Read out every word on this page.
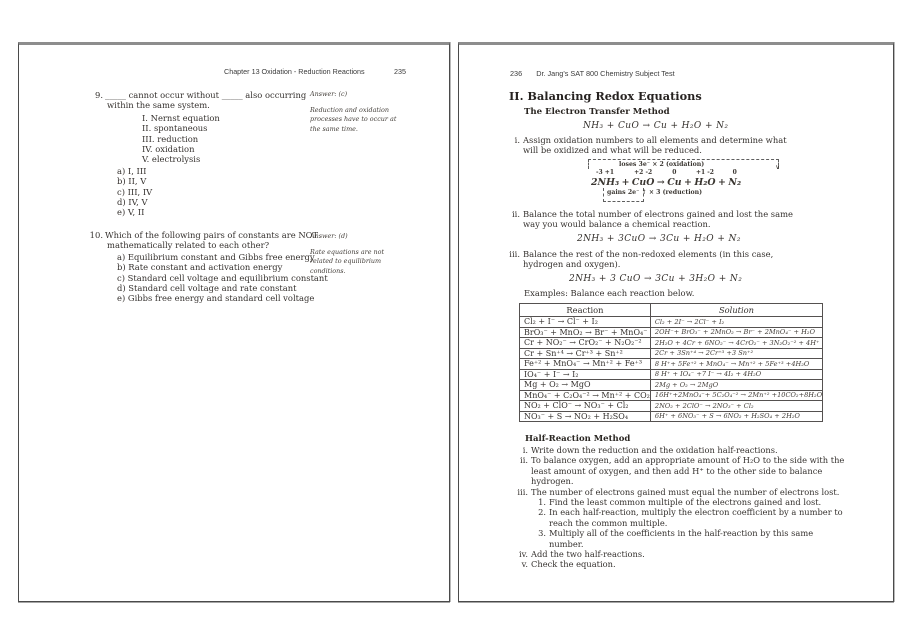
Chapter 13 Oxidation - Reduction Reactions	235
9. _____ cannot occur without _____ also occurring
within the same system.
I. Nernst equation
II. spontaneous
III. reduction
IV. oxidation
V. electrolysis
a) I, III
b) II, V
c) III, IV
d) IV, V
e) V, II
Answer: (c)
Reduction and oxidation processes have to occur at the same time.
10. Which of the following pairs of constants are NOT
mathematically related to each other?
a) Equilibrium constant and Gibbs free energy
b) Rate constant and activation energy
c) Standard cell voltage and equilibrium constant
d) Standard cell voltage and rate constant
e) Gibbs free energy and standard cell voltage
Answer: (d)
Rate equations are not related to equilibrium conditions.
236 Dr. Jang's SAT 800 Chemistry Subject Test
II. Balancing Redox Equations
The Electron Transfer Method
NH₃ + CuO → Cu + H₂O + N₂
i. Assign oxidation numbers to all elements and determine what will be oxidized and what will be reduced.
loses 3e⁻ × 2 (oxidation)	∨
-3 +1
2NH₃ +
+2 -2
CuO →
0
Cu +
+1 -2
H₂O +
0
N₂
gains 2e⁻ ↑ × 3 (reduction)
ii. Balance the total number of electrons gained and lost the same way you would balance a chemical reaction.
2NH₃ + 3CuO → 3Cu + H₂O + N₂
iii. Balance the rest of the non-redoxed elements (in this case, hydrogen and oxygen).
2NH₃ + 3 CuO → 3Cu + 3H₂O + N₂
Examples: Balance each reaction below.
Reaction	Solution
Cl₂ + I⁻ → Cl⁻ + I₂	Cl₂ + 2I⁻ → 2Cl⁻ + I₂
BrO₃⁻ + MnO₂ → Br⁻ + MnO₄⁻	2OH⁻+ BrO₃⁻ + 2MnO₂ → Br⁻ + 2MnO₄⁻ + H₂O
Cr + NO₂⁻ → CrO₂⁻ + N₂O₂⁻²	2H₂O + 4Cr + 6NO₂⁻ → 4CrO₂⁻ + 3N₂O₂⁻² + 4H⁺
Cr + Sn⁺⁴ → Cr⁺³ + Sn⁺²	2Cr + 3Sn⁺⁴ → 2Cr⁺³ +3 Sn⁺²
Fe⁺² + MnO₄⁻ → Mn⁺² + Fe⁺³	8 H⁺+ 5Fe⁺² + MnO₄⁻ → Mn⁺² + 5Fe⁺³ +4H₂O
IO₄⁻ + I⁻ → I₂	8 H⁺ + IO₄⁻ +7 I⁻ → 4I₂ + 4H₂O
Mg + O₂ → MgO	2Mg + O₂ → 2MgO
MnO₄⁻ + C₂O₄⁻² → Mn⁺² + CO₂	16H⁺+2MnO₄⁻+ 5C₂O₄⁻² → 2Mn⁺² +10CO₂+8H₂O
NO₂ + ClO⁻ → NO₃⁻ + Cl₂	2NO₂ + 2ClO⁻ → 2NO₃⁻ + Cl₂
NO₃⁻ + S → NO₂ + H₂SO₄	6H⁺ + 6NO₃⁻ + S → 6NO₂ + H₂SO₄ + 2H₂O
Half-Reaction Method
i. Write down the reduction and the oxidation half-reactions.
ii. To balance oxygen, add an appropriate amount of H₂O to the side with the least amount of oxygen, and then add H⁺ to the other side to balance hydrogen.
iii. The number of electrons gained must equal the number of electrons lost.
1. Find the least common multiple of the electrons gained and lost.
2. In each half-reaction, multiply the electron coefficient by a number to reach the common multiple.
3. Multiply all of the coefficients in the half-reaction by this same number.
iv. Add the two half-reactions.
v. Check the equation.
